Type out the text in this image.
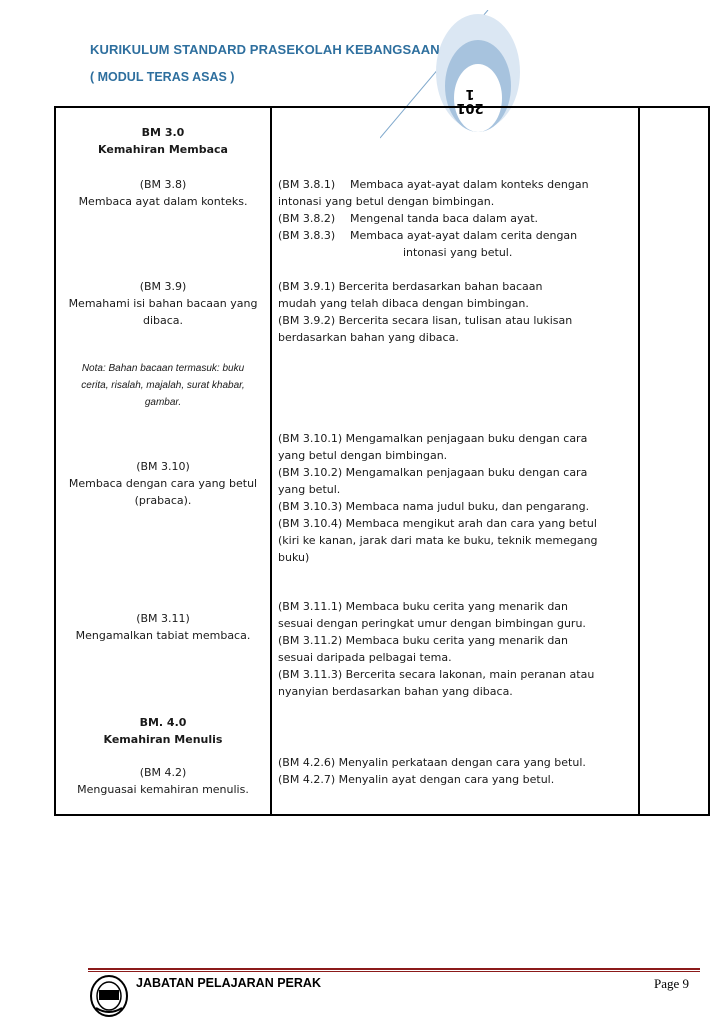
KURIKULUM STANDARD PRASEKOLAH KEBANGSAAN
( MODUL TERAS ASAS )
201
1
BM 3.0
Kemahiran Membaca
(BM 3.8)
Membaca ayat dalam konteks.
(BM 3.8.1) Membaca ayat-ayat dalam konteks dengan
intonasi yang betul dengan bimbingan.
(BM 3.8.2) Mengenal tanda baca dalam ayat.
(BM 3.8.3) Membaca ayat-ayat dalam cerita dengan
intonasi yang betul.
(BM 3.9)
Memahami isi bahan bacaan yang
dibaca.
(BM 3.9.1) Bercerita berdasarkan bahan bacaan
mudah yang telah dibaca dengan bimbingan.
(BM 3.9.2) Bercerita secara lisan, tulisan atau lukisan
berdasarkan bahan yang dibaca.
Nota: Bahan bacaan termasuk: buku
cerita, risalah, majalah, surat khabar,
gambar.
(BM 3.10)
Membaca dengan cara yang betul
(prabaca).
(BM 3.10.1) Mengamalkan penjagaan buku dengan cara
yang betul dengan bimbingan.
(BM 3.10.2) Mengamalkan penjagaan buku dengan cara
yang betul.
(BM 3.10.3) Membaca nama judul buku, dan pengarang.
(BM 3.10.4) Membaca mengikut arah dan cara yang betul
(kiri ke kanan, jarak dari mata ke buku, teknik memegang
buku)
(BM 3.11)
Mengamalkan tabiat membaca.
(BM 3.11.1) Membaca buku cerita yang menarik dan
sesuai dengan peringkat umur dengan bimbingan guru.
(BM 3.11.2) Membaca buku cerita yang menarik dan
sesuai daripada pelbagai tema.
(BM 3.11.3) Bercerita secara lakonan, main peranan atau
nyanyian berdasarkan bahan yang dibaca.
BM. 4.0
Kemahiran Menulis
(BM 4.2)
Menguasai kemahiran menulis.
(BM 4.2.6) Menyalin perkataan dengan cara yang betul.
(BM 4.2.7) Menyalin ayat dengan cara yang betul.
JABATAN PELAJARAN PERAK	Page 9
